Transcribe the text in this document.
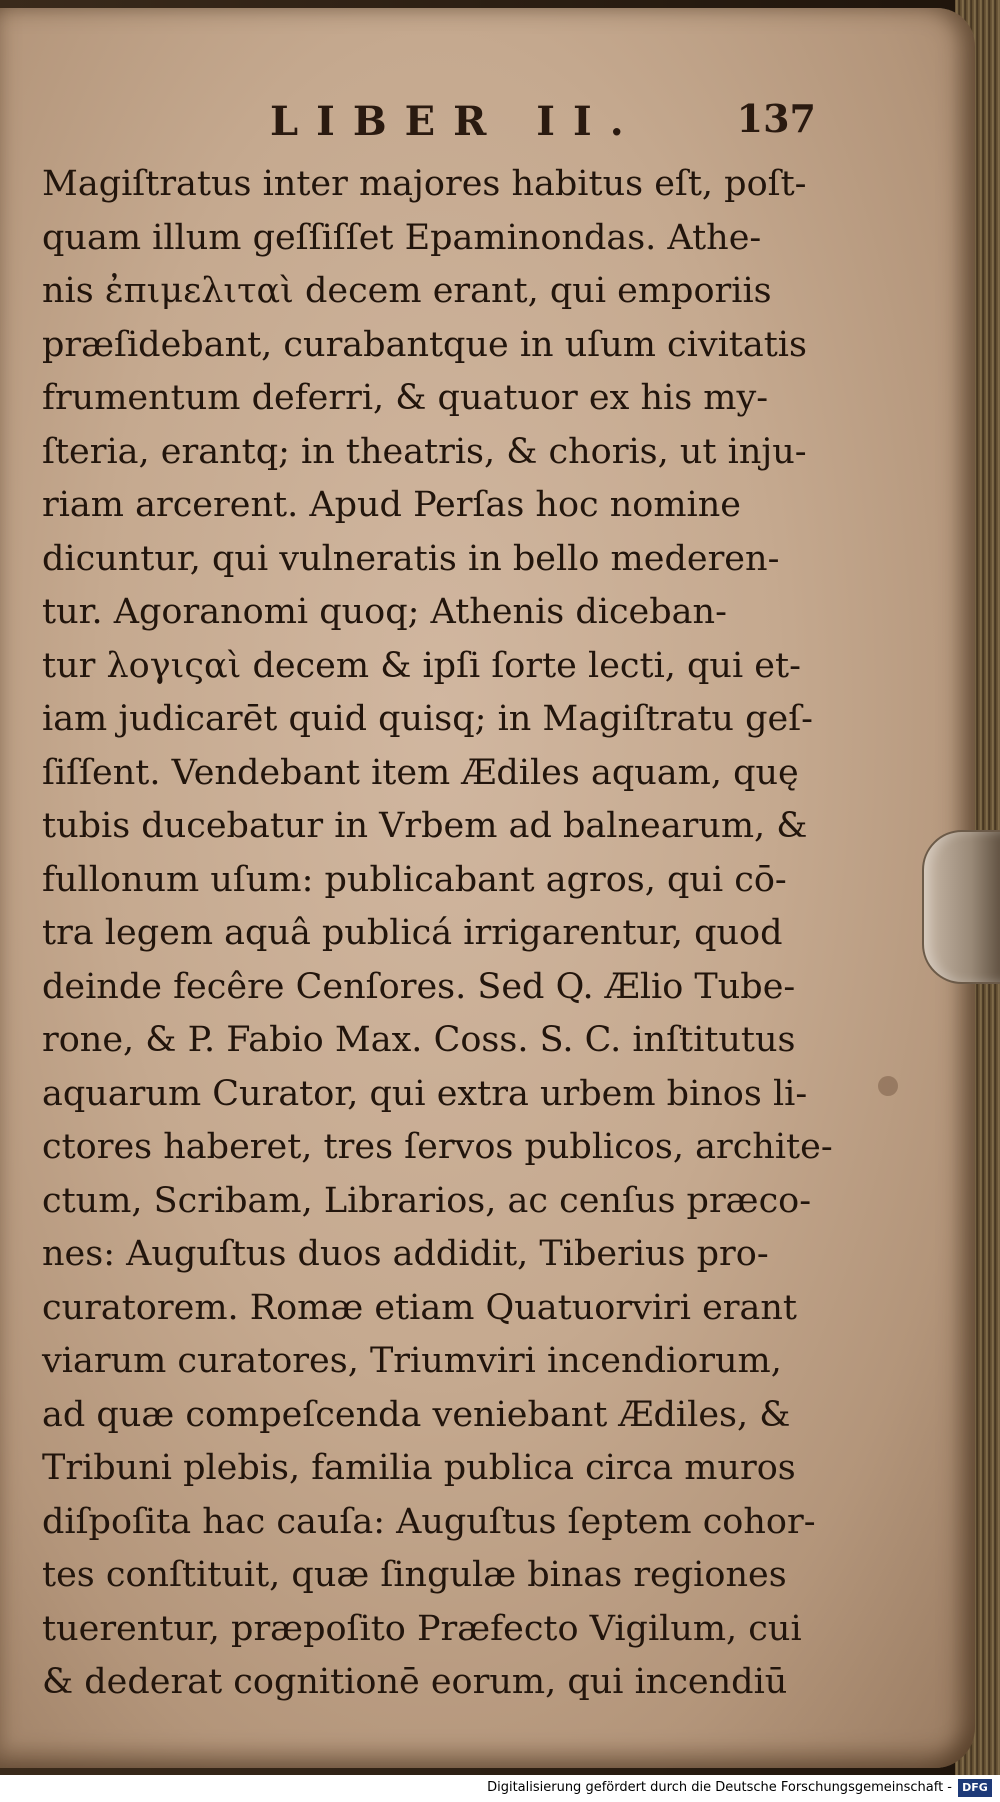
LIBER II.	137
Magiſtratus inter majores habitus eſt, poſt-
quam illum geſſiſſet Epaminondas. Athe-
nis ἐπιμελιταὶ decem erant, qui emporiis
præſidebant, curabantque in uſum civitatis
frumentum deferri, & quatuor ex his my-
ſteria, erantq; in theatris, & choris, ut inju-
riam arcerent. Apud Perſas hoc nomine
dicuntur, qui vulneratis in bello mederen-
tur. Agoranomi quoq; Athenis diceban-
tur λογιςαὶ decem & ipſi ſorte lecti, qui et-
iam judicarēt quid quisq; in Magiſtratu geſ-
ſiſſent. Vendebant item Ædiles aquam, quę
tubis ducebatur in Vrbem ad balnearum, &
fullonum uſum: publicabant agros, qui cō-
tra legem aquâ publicá irrigarentur, quod
deinde fecêre Cenſores. Sed Q. Ælio Tube-
rone, & P. Fabio Max. Coss. S. C. inſtitutus
aquarum Curator, qui extra urbem binos li-
ctores haberet, tres ſervos publicos, archite-
ctum, Scribam, Librarios, ac cenſus præco-
nes: Auguſtus duos addidit, Tiberius pro-
curatorem. Romæ etiam Quatuorviri erant
viarum curatores, Triumviri incendiorum,
ad quæ compeſcenda veniebant Ædiles, &
Tribuni plebis, familia publica circa muros
diſpoſita hac cauſa: Auguſtus ſeptem cohor-
tes conſtituit, quæ ſingulæ binas regiones
tuerentur, præpoſito Præfecto Vigilum, cui
& dederat cognitionē eorum, qui incendiū
Digitalisierung gefördert durch die Deutsche Forschungsgemeinschaft - DFG
